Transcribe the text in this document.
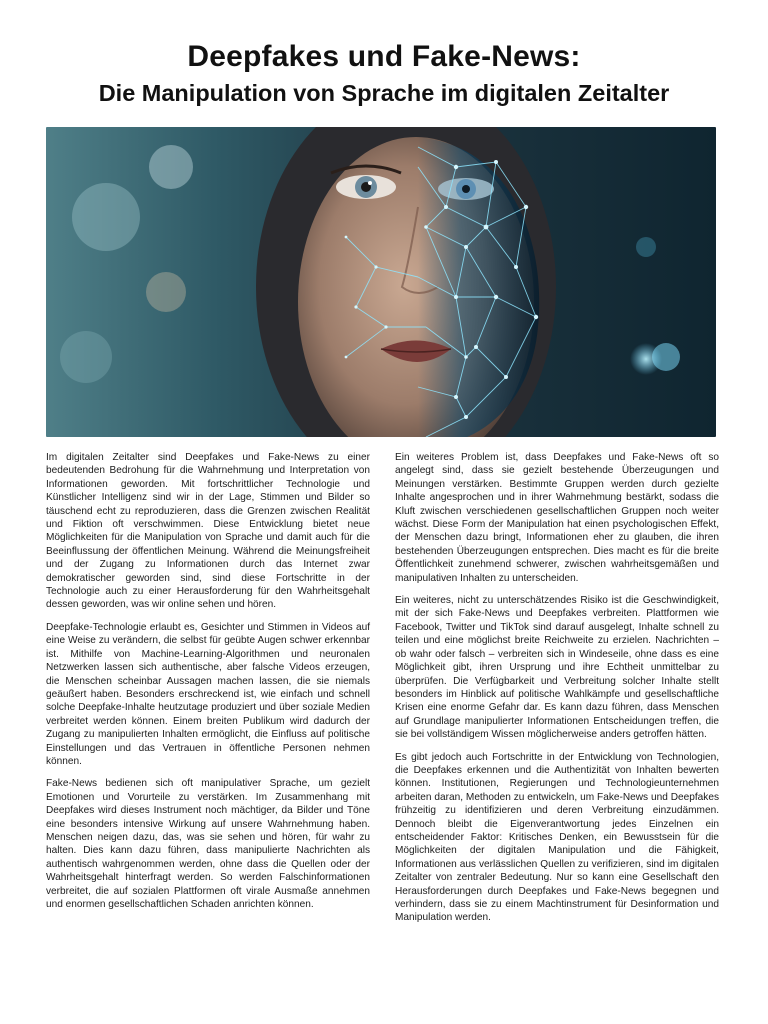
Deepfakes und Fake-News:
Die Manipulation von Sprache im digitalen Zeitalter

Im digitalen Zeitalter sind Deepfakes und Fake-News zu einer bedeutenden Bedrohung für die Wahrnehmung und Interpretation von Informationen geworden. Mit fortschrittlicher Technologie und Künstlicher Intelligenz sind wir in der Lage, Stimmen und Bilder so täuschend echt zu reproduzieren, dass die Grenzen zwischen Realität und Fiktion oft verschwimmen. Diese Entwicklung bietet neue Möglichkeiten für die Manipulation von Sprache und damit auch für die Beeinflussung der öffentlichen Meinung. Während die Meinungsfreiheit und der Zugang zu Informationen durch das Internet zwar demokratischer geworden sind, sind diese Fortschritte in der Technologie auch zu einer Herausforderung für den Wahrheitsgehalt dessen geworden, was wir online sehen und hören.

Deepfake-Technologie erlaubt es, Gesichter und Stimmen in Videos auf eine Weise zu verändern, die selbst für geübte Augen schwer erkennbar ist. Mithilfe von Machine-Learning-Algorithmen und neuronalen Netzwerken lassen sich authentische, aber falsche Videos erzeugen, die Menschen scheinbar Aussagen machen lassen, die sie niemals geäußert haben. Besonders erschreckend ist, wie einfach und schnell solche Deepfake-Inhalte heutzutage produziert und über soziale Medien verbreitet werden können. Einem breiten Publikum wird dadurch der Zugang zu manipulierten Inhalten ermöglicht, die Einfluss auf politische Einstellungen und das Vertrauen in öffentliche Personen nehmen können.

Fake-News bedienen sich oft manipulativer Sprache, um gezielt Emotionen und Vorurteile zu verstärken. Im Zusammenhang mit Deepfakes wird dieses Instrument noch mächtiger, da Bilder und Töne eine besonders intensive Wirkung auf unsere Wahrnehmung haben. Menschen neigen dazu, das, was sie sehen und hören, für wahr zu halten. Dies kann dazu führen, dass manipulierte Nachrichten als authentisch wahrgenommen werden, ohne dass die Quellen oder der Wahrheitsgehalt hinterfragt werden. So werden Falschinformationen verbreitet, die auf sozialen Plattformen oft virale Ausmaße annehmen und enormen gesellschaftlichen Schaden anrichten können.

Ein weiteres Problem ist, dass Deepfakes und Fake-News oft so angelegt sind, dass sie gezielt bestehende Überzeugungen und Meinungen verstärken. Bestimmte Gruppen werden durch gezielte Inhalte angesprochen und in ihrer Wahrnehmung bestärkt, sodass die Kluft zwischen verschiedenen gesellschaftlichen Gruppen noch weiter wächst. Diese Form der Manipulation hat einen psychologischen Effekt, der Menschen dazu bringt, Informationen eher zu glauben, die ihren bestehenden Überzeugungen entsprechen. Dies macht es für die breite Öffentlichkeit zunehmend schwerer, zwischen wahrheitsgemäßen und manipulativen Inhalten zu unterscheiden.

Ein weiteres, nicht zu unterschätzendes Risiko ist die Geschwindigkeit, mit der sich Fake-News und Deepfakes verbreiten. Plattformen wie Facebook, Twitter und TikTok sind darauf ausgelegt, Inhalte schnell zu teilen und eine möglichst breite Reichweite zu erzielen. Nachrichten – ob wahr oder falsch – verbreiten sich in Windeseile, ohne dass es eine Möglichkeit gibt, ihren Ursprung und ihre Echtheit unmittelbar zu überprüfen. Die Verfügbarkeit und Verbreitung solcher Inhalte stellt besonders im Hinblick auf politische Wahlkämpfe und gesellschaftliche Krisen eine enorme Gefahr dar. Es kann dazu führen, dass Menschen auf Grundlage manipulierter Informationen Entscheidungen treffen, die sie bei vollständigem Wissen möglicherweise anders getroffen hätten.

Es gibt jedoch auch Fortschritte in der Entwicklung von Technologien, die Deepfakes erkennen und die Authentizität von Inhalten bewerten können. Institutionen, Regierungen und Technologieunternehmen arbeiten daran, Methoden zu entwickeln, um Fake-News und Deepfakes frühzeitig zu identifizieren und deren Verbreitung einzudämmen. Dennoch bleibt die Eigenverantwortung jedes Einzelnen ein entscheidender Faktor: Kritisches Denken, ein Bewusstsein für die Möglichkeiten der digitalen Manipulation und die Fähigkeit, Informationen aus verlässlichen Quellen zu verifizieren, sind im digitalen Zeitalter von zentraler Bedeutung. Nur so kann eine Gesellschaft den Herausforderungen durch Deepfakes und Fake-News begegnen und verhindern, dass sie zu einem Machtinstrument für Desinformation und Manipulation werden.
